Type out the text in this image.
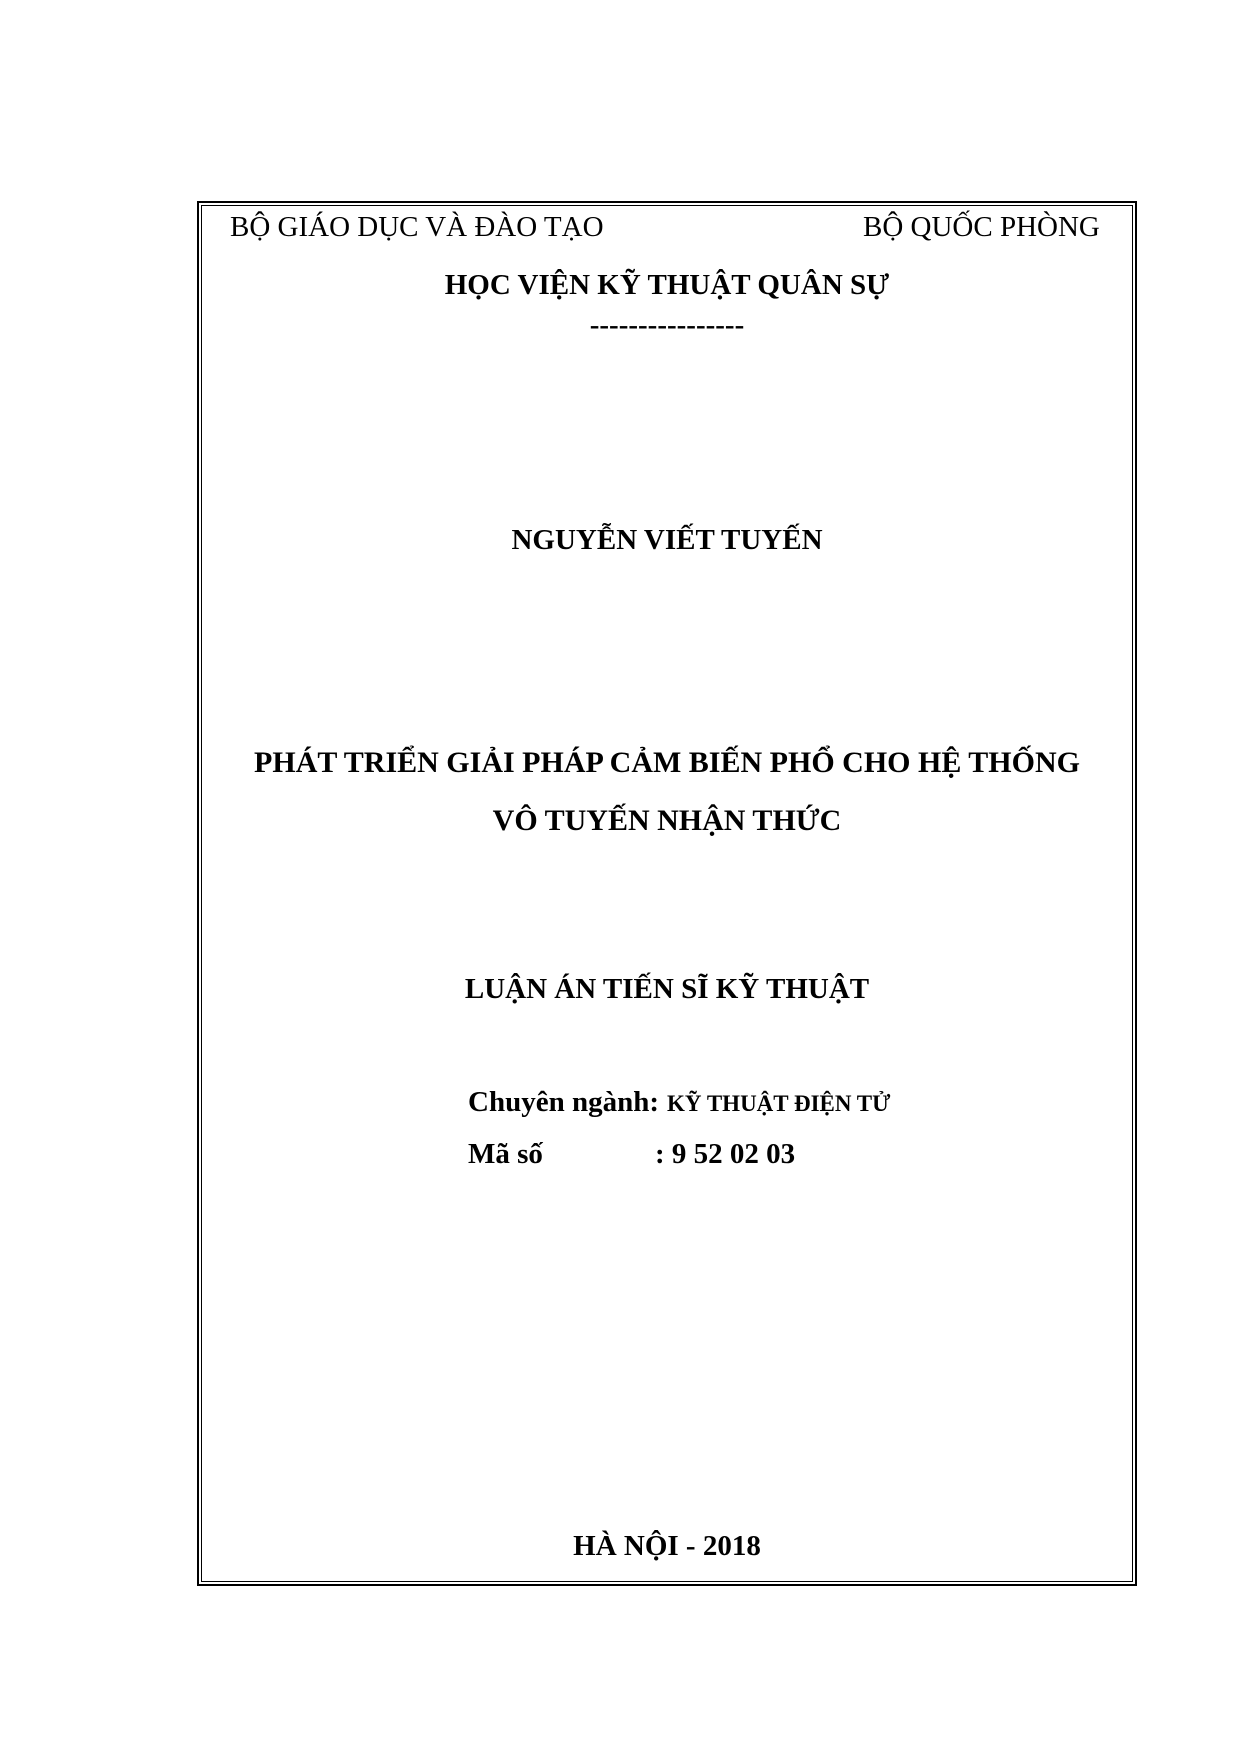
BỘ GIÁO DỤC VÀ ĐÀO TẠO	BỘ QUỐC PHÒNG
HỌC VIỆN KỸ THUẬT QUÂN SỰ
----------------
NGUYỄN VIẾT TUYẾN
PHÁT TRIỂN GIẢI PHÁP CẢM BIẾN PHỔ CHO HỆ THỐNG
VÔ TUYẾN NHẬN THỨC
LUẬN ÁN TIẾN SĨ KỸ THUẬT
Chuyên ngành: KỸ THUẬT ĐIỆN TỬ
Mã số	: 9 52 02 03
HÀ NỘI - 2018
